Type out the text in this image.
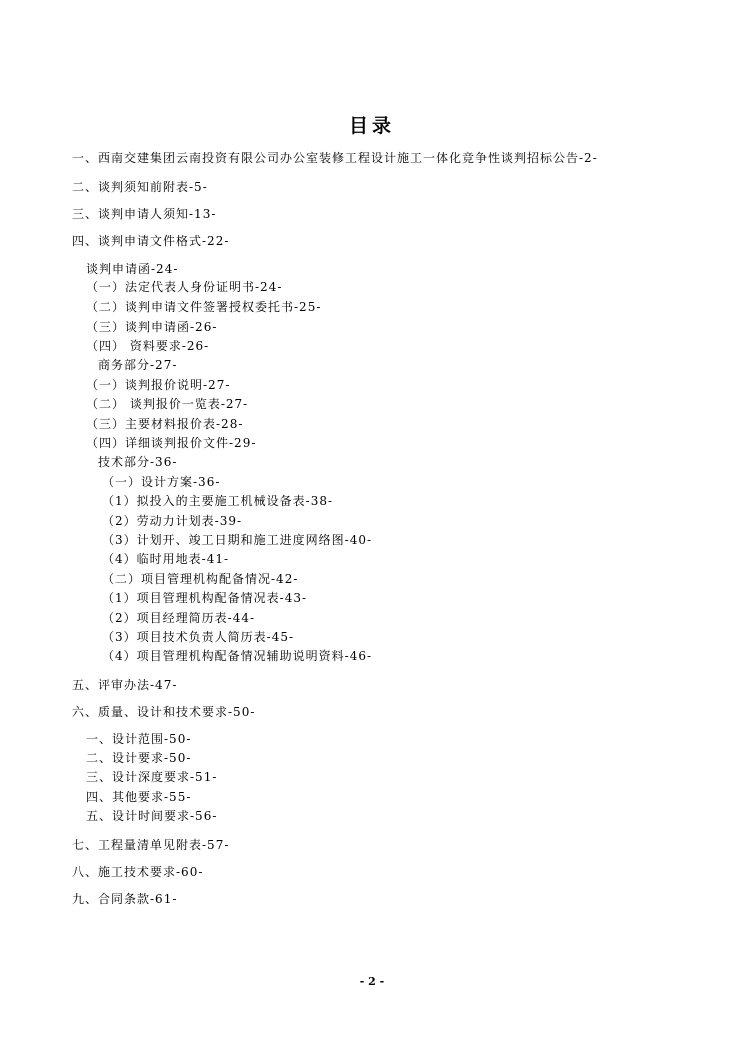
目录
一、西南交建集团云南投资有限公司办公室装修工程设计施工一体化竞争性谈判招标公告-2-
二、谈判须知前附表-5-
三、谈判申请人须知-13-
四、谈判申请文件格式-22-
谈判申请函-24-
（一）法定代表人身份证明书-24-
（二）谈判申请文件签署授权委托书-25-
（三）谈判申请函-26-
（四） 资料要求-26-
商务部分-27-
（一）谈判报价说明-27-
（二） 谈判报价一览表-27-
（三）主要材料报价表-28-
（四）详细谈判报价文件-29-
技术部分-36-
（一）设计方案-36-
（1）拟投入的主要施工机械设备表-38-
（2）劳动力计划表-39-
（3）计划开、竣工日期和施工进度网络图-40-
（4）临时用地表-41-
（二）项目管理机构配备情况-42-
（1）项目管理机构配备情况表-43-
（2）项目经理简历表-44-
（3）项目技术负责人简历表-45-
（4）项目管理机构配备情况辅助说明资料-46-
五、评审办法-47-
六、质量、设计和技术要求-50-
一、设计范围-50-
二、设计要求-50-
三、设计深度要求-51-
四、其他要求-55-
五、设计时间要求-56-
七、工程量清单见附表-57-
八、施工技术要求-60-
九、合同条款-61-
- 2 -
